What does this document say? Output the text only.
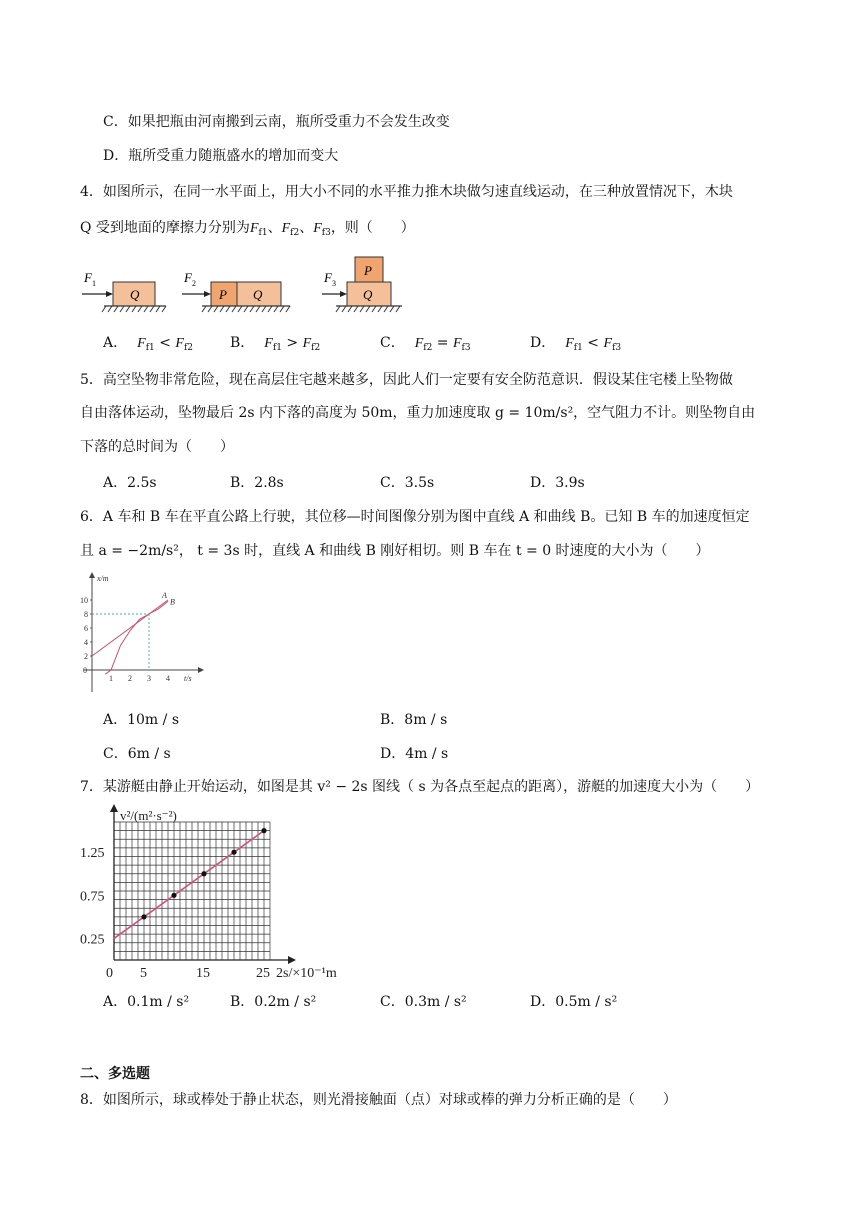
C．如果把瓶由河南搬到云南，瓶所受重力不会发生改变
D．瓶所受重力随瓶盛水的增加而变大
4．如图所示，在同一水平面上，用大小不同的水平推力推木块做匀速直线运动，在三种放置情况下，木块
Q 受到地面的摩擦力分别为$F_{f1}$、$F_{f2}$、$F_{f3}$，则（　　）
F 1
Q
F 2
P Q
F 3
P
Q
A． $F_{f1} < F_{f2}$	B． $F_{f1} > F_{f2}$	C． $F_{f2} = F_{f3}$	D． $F_{f1} < F_{f3}$
5．高空坠物非常危险，现在高层住宅越来越多，因此人们一定要有安全防范意识．假设某住宅楼上坠物做
自由落体运动，坠物最后 2s 内下落的高度为 50m，重力加速度取 g = 10m/s²，空气阻力不计。则坠物自由
下落的总时间为（　　）
A．2.5s	B．2.8s	C．3.5s	D．3.9s
6．A 车和 B 车在平直公路上行驶，其位移—时间图像分别为图中直线 A 和曲线 B。已知 B 车的加速度恒定
且 a = −2m/s²， t = 3s 时，直线 A 和曲线 B 刚好相切。则 B 车在 t = 0 时速度的大小为（　　）
x/m
t/s
0
2
4
6
8
10
1 2 3 4
A
B
A．10m / s	B．8m / s
C．6m / s	D．4m / s
7．某游艇由静止开始运动，如图是其 v² − 2s 图线（ s 为各点至起点的距离），游艇的加速度大小为（　　）
v²/(m²·s⁻²)
2s/×10⁻¹m
0.25
0.75
1.25
0 5	15	25
A．0.1m / s²	B．0.2m / s²	C．0.3m / s²	D．0.5m / s²
二、多选题
8．如图所示，球或棒处于静止状态，则光滑接触面（点）对球或棒的弹力分析正确的是（　　）
